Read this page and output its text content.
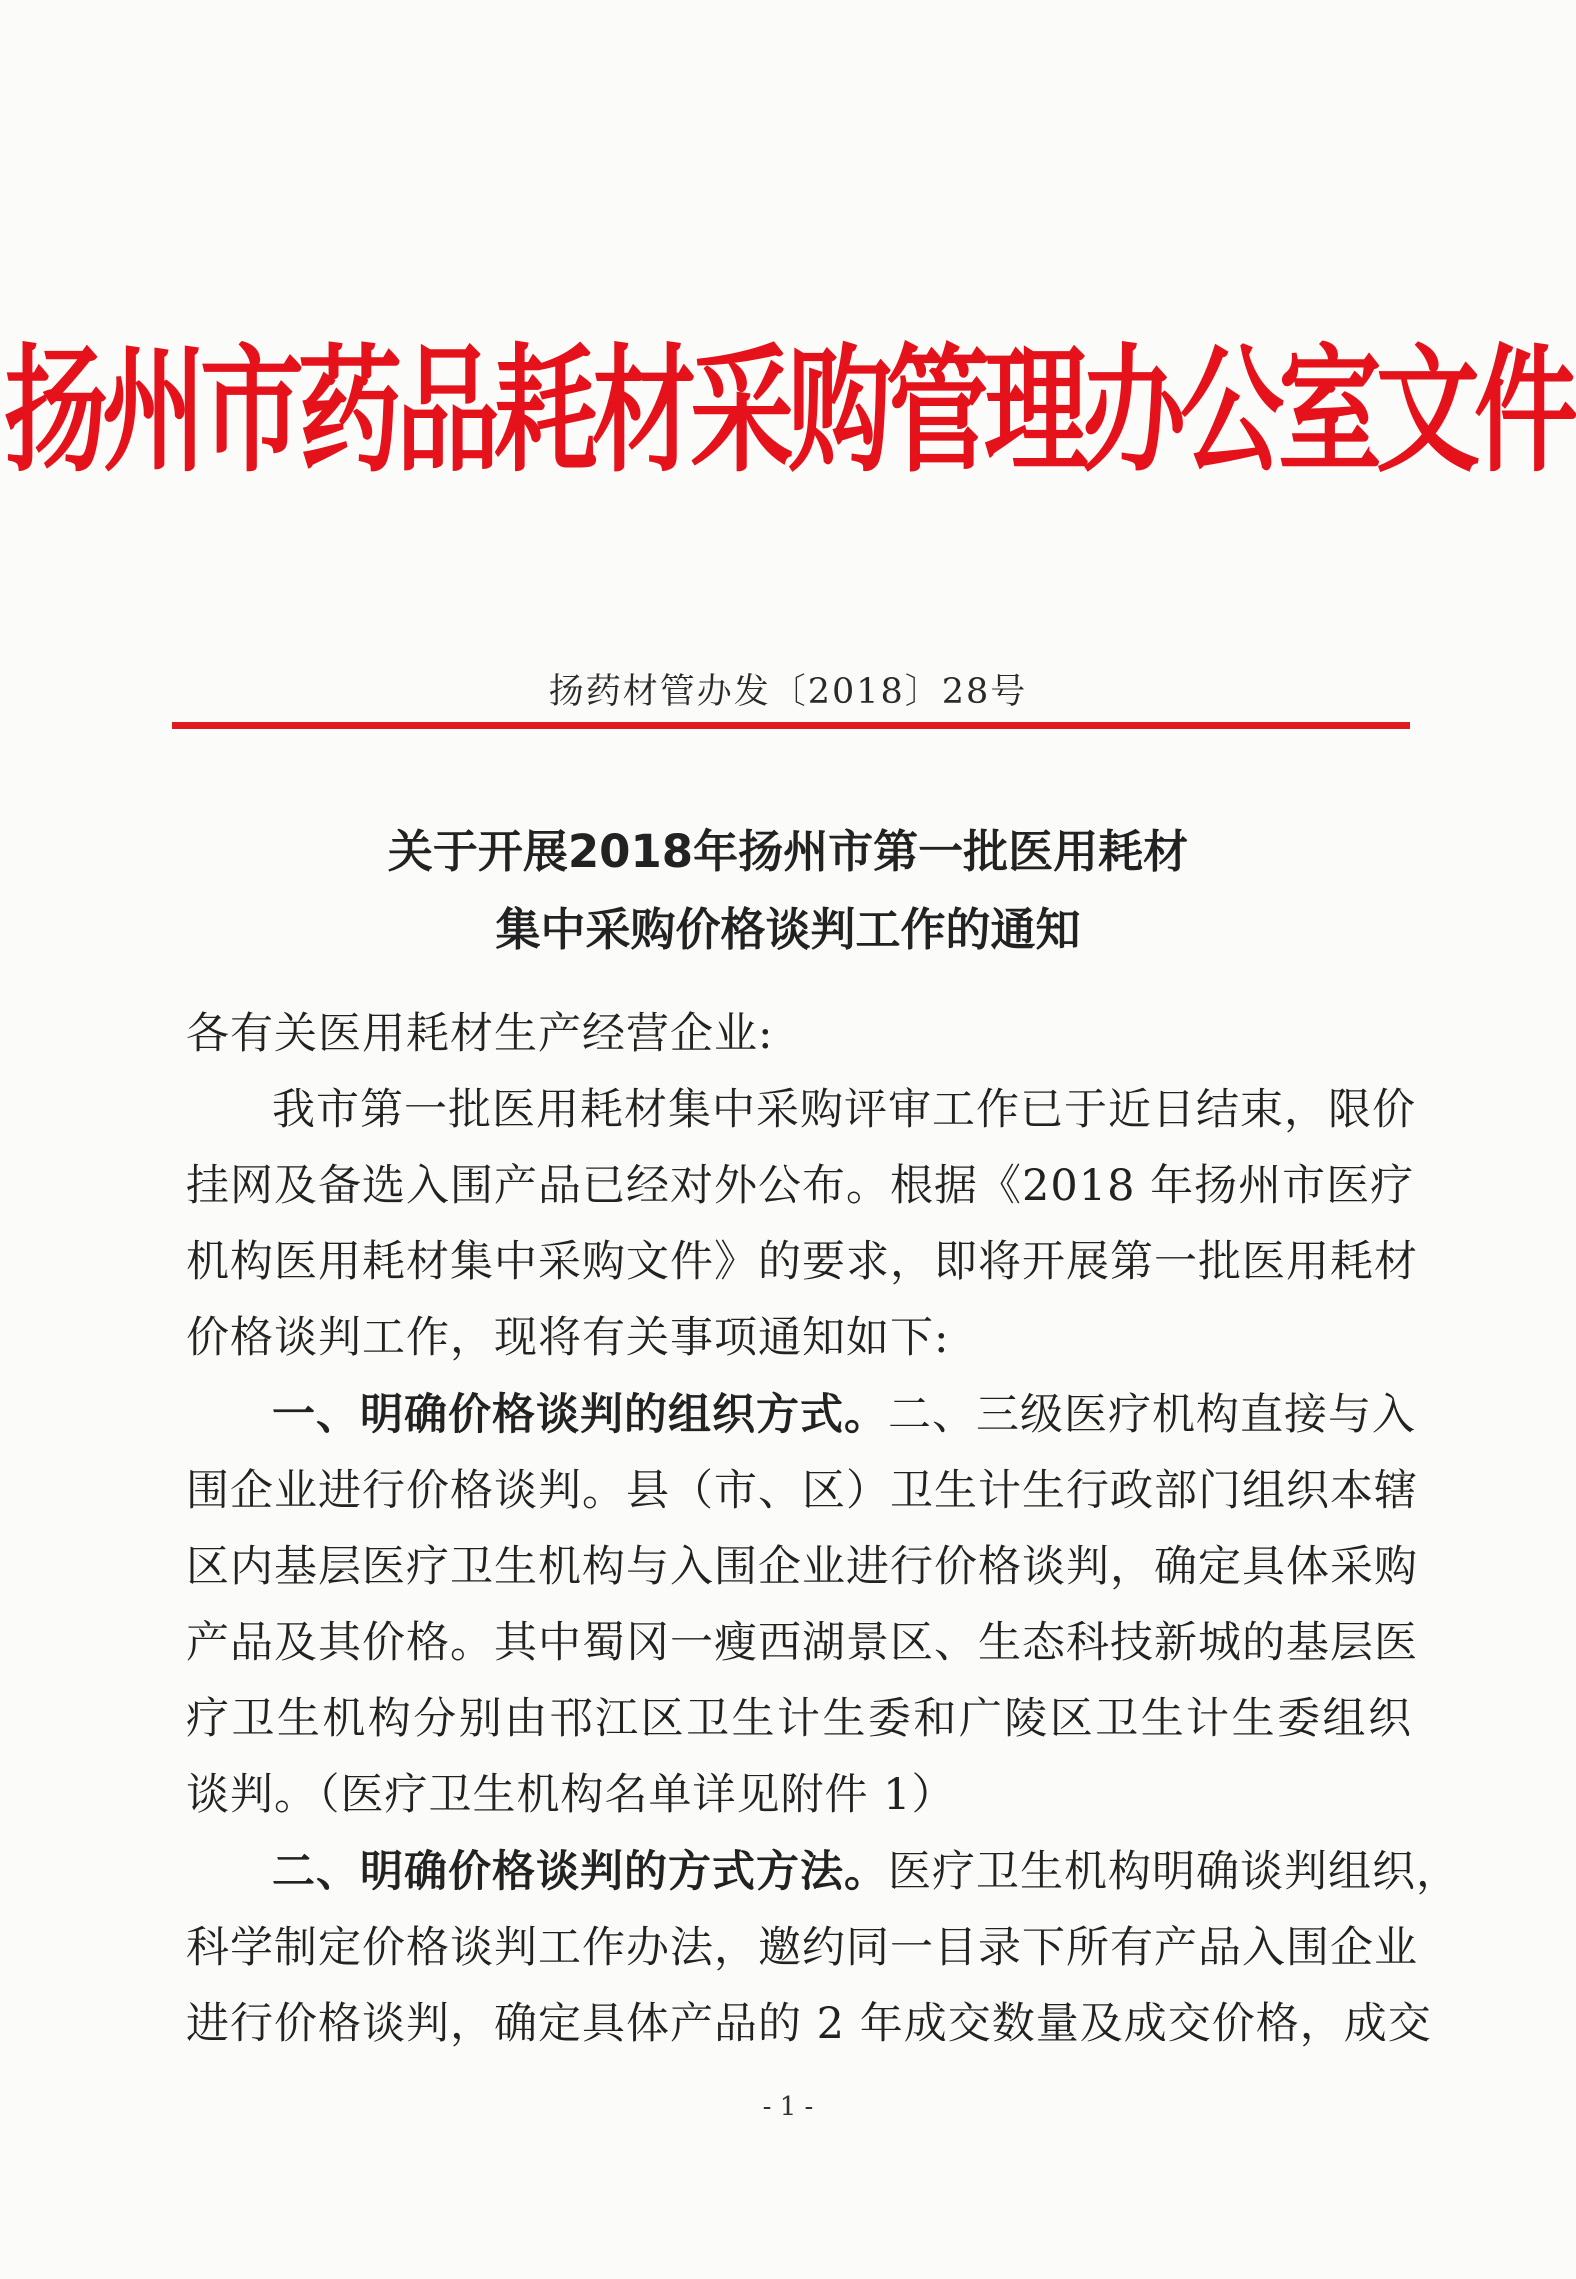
扬州市药品耗材采购管理办公室文件
扬药材管办发〔2018〕28号
关于开展2018年扬州市第一批医用耗材
集中采购价格谈判工作的通知
各有关医用耗材生产经营企业:
我市第一批医用耗材集中采购评审工作已于近日结束，限价
挂网及备选入围产品已经对外公布。根据《2018 年扬州市医疗
机构医用耗材集中采购文件》的要求，即将开展第一批医用耗材
价格谈判工作，现将有关事项通知如下:
一、明确价格谈判的组织方式。二、三级医疗机构直接与入
围企业进行价格谈判。县（市、区）卫生计生行政部门组织本辖
区内基层医疗卫生机构与入围企业进行价格谈判，确定具体采购
产品及其价格。其中蜀冈一瘦西湖景区、生态科技新城的基层医
疗卫生机构分别由邗江区卫生计生委和广陵区卫生计生委组织
谈判。（医疗卫生机构名单详见附件 1）
二、明确价格谈判的方式方法。医疗卫生机构明确谈判组织，
科学制定价格谈判工作办法，邀约同一目录下所有产品入围企业
进行价格谈判，确定具体产品的 2 年成交数量及成交价格，成交
- 1 -
